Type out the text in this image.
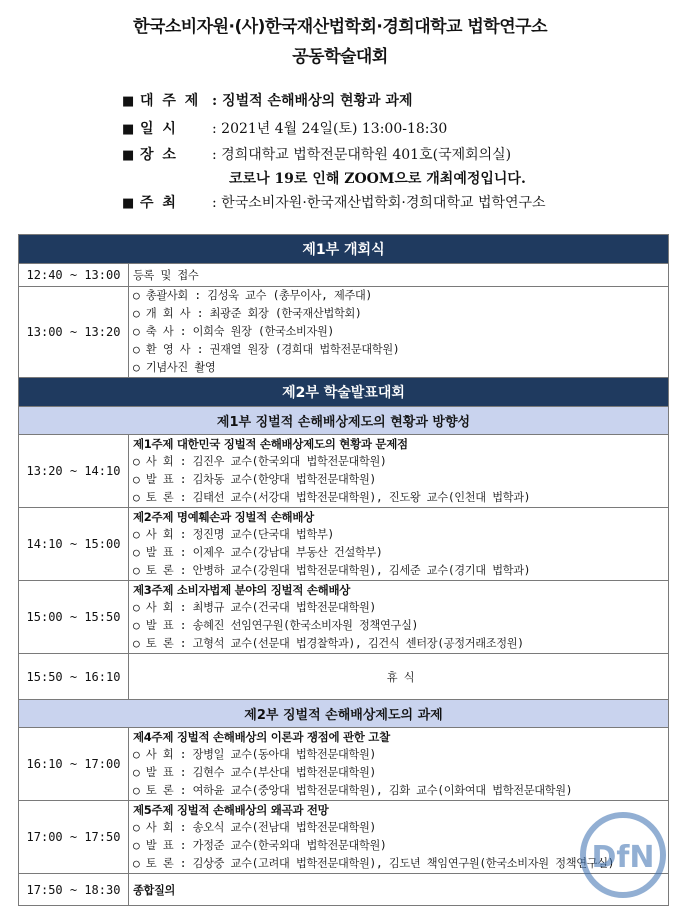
한국소비자원·(사)한국재산법학회·경희대학교 법학연구소
공동학술대회
■ 대 주 제 : 징벌적 손해배상의 현황과 과제
■ 일 시 : 2021년 4월 24일(토) 13:00-18:30
■ 장 소 : 경희대학교 법학전문대학원 401호(국제회의실)
코로나 19로 인해 ZOOM으로 개최예정입니다.
■ 주 최 : 한국소비자원·한국재산법학회·경희대학교 법학연구소
제1부 개회식	
12:40 ~ 13:00	등록 및 접수
13:00 ~ 13:20	○ 총괄사회 : 김성욱 교수 (총무이사, 제주대)
○ 개 회 사 : 최광준 회장 (한국재산법학회)
○ 축 사 : 이희숙 원장 (한국소비자원)
○ 환 영 사 : 권재열 원장 (경희대 법학전문대학원)
○ 기념사진 촬영

제2부 학술발표대회	
제1부 징벌적 손해배상제도의 현황과 방향성	
13:20 ~ 14:10	제1주제 대한민국 징벌적 손해배상제도의 현황과 문제점
○ 사 회 : 김진우 교수(한국외대 법학전문대학원)
○ 발 표 : 김차동 교수(한양대 법학전문대학원)
○ 토 론 : 김태선 교수(서강대 법학전문대학원), 진도왕 교수(인천대 법학과)

14:10 ~ 15:00	제2주제 명예훼손과 징벌적 손해배상
○ 사 회 : 정진명 교수(단국대 법학부)
○ 발 표 : 이제우 교수(강남대 부동산 건설학부)
○ 토 론 : 안병하 교수(강원대 법학전문대학원), 김세준 교수(경기대 법학과)

15:00 ~ 15:50	제3주제 소비자법제 분야의 징벌적 손해배상
○ 사 회 : 최병규 교수(건국대 법학전문대학원)
○ 발 표 : 송혜진 선임연구원(한국소비자원 정책연구실)
○ 토 론 : 고형석 교수(선문대 법경찰학과), 김건식 센터장(공정거래조정원)

15:50 ~ 16:10	휴 식
제2부 징벌적 손해배상제도의 과제	
16:10 ~ 17:00	제4주제 징벌적 손해배상의 이론과 쟁점에 관한 고찰
○ 사 회 : 장병일 교수(동아대 법학전문대학원)
○ 발 표 : 김현수 교수(부산대 법학전문대학원)
○ 토 론 : 여하윤 교수(중앙대 법학전문대학원), 김화 교수(이화여대 법학전문대학원)

17:00 ~ 17:50	제5주제 징벌적 손해배상의 왜곡과 전망
○ 사 회 : 송오식 교수(전남대 법학전문대학원)
○ 발 표 : 가정준 교수(한국외대 법학전문대학원)
○ 토 론 : 김상중 교수(고려대 법학전문대학원), 김도년 책임연구원(한국소비자원 정책연구실)

17:50 ~ 18:30	종합질의
DfN
